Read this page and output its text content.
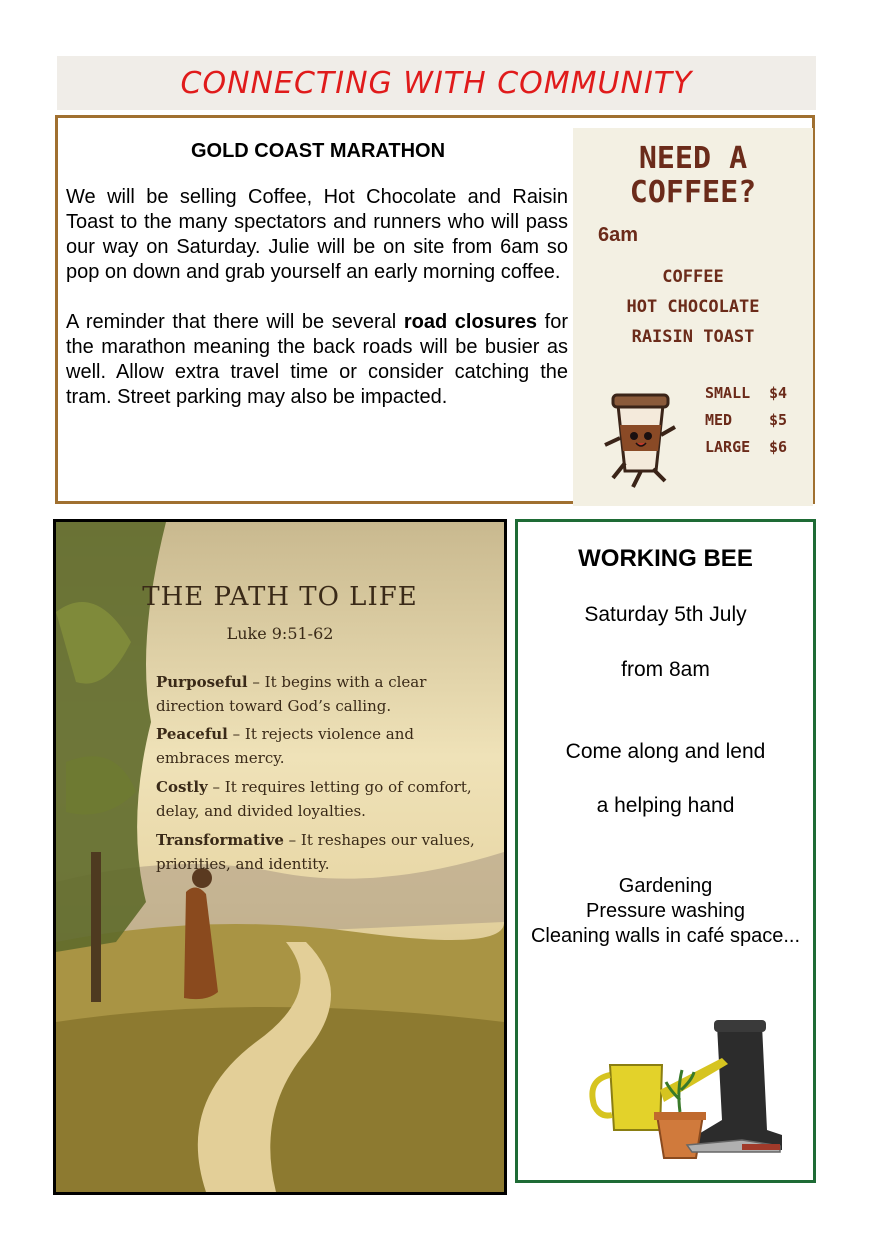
CONNECTING WITH COMMUNITY
GOLD COAST MARATHON

We will be selling Coffee, Hot Chocolate and Raisin Toast to the many spectators and runners who will pass our way on Saturday. Julie will be on site from 6am so pop on down and grab yourself an early morning coffee.

A reminder that there will be several road closures for the marathon meaning the back roads will be busier as well. Allow extra travel time or consider catching the tram. Street parking may also be impacted.

NEED A
COFFEE?
6am
COFFEE
HOT CHOCOLATE
RAISIN TOAST
SMALL	$4
MED	$5
LARGE	$6
THE PATH TO LIFE
Luke 9:51-62
Purposeful – It begins with a clear direction toward God’s calling.
Peaceful – It rejects violence and embraces mercy.
Costly – It requires letting go of comfort, delay, and divided loyalties.
Transformative – It reshapes our values, priorities, and identity.
WORKING BEE
Saturday 5th July
from 8am
Come along and lend
a helping hand
Gardening
Pressure washing
Cleaning walls in café space...
